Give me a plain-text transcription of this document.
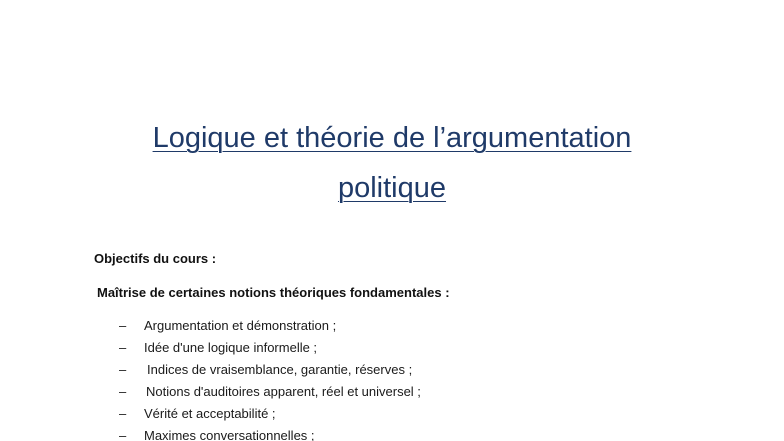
Logique et théorie de l’argumentation
politique
Objectifs du cours :
Maîtrise de certaines notions théoriques fondamentales :
–	Argumentation et démonstration ;
–	Idée d'une logique informelle ;
–	Indices de vraisemblance, garantie, réserves ;
–	Notions d'auditoires apparent, réel et universel ;
–	Vérité et acceptabilité ;
–	Maximes conversationnelles ;
